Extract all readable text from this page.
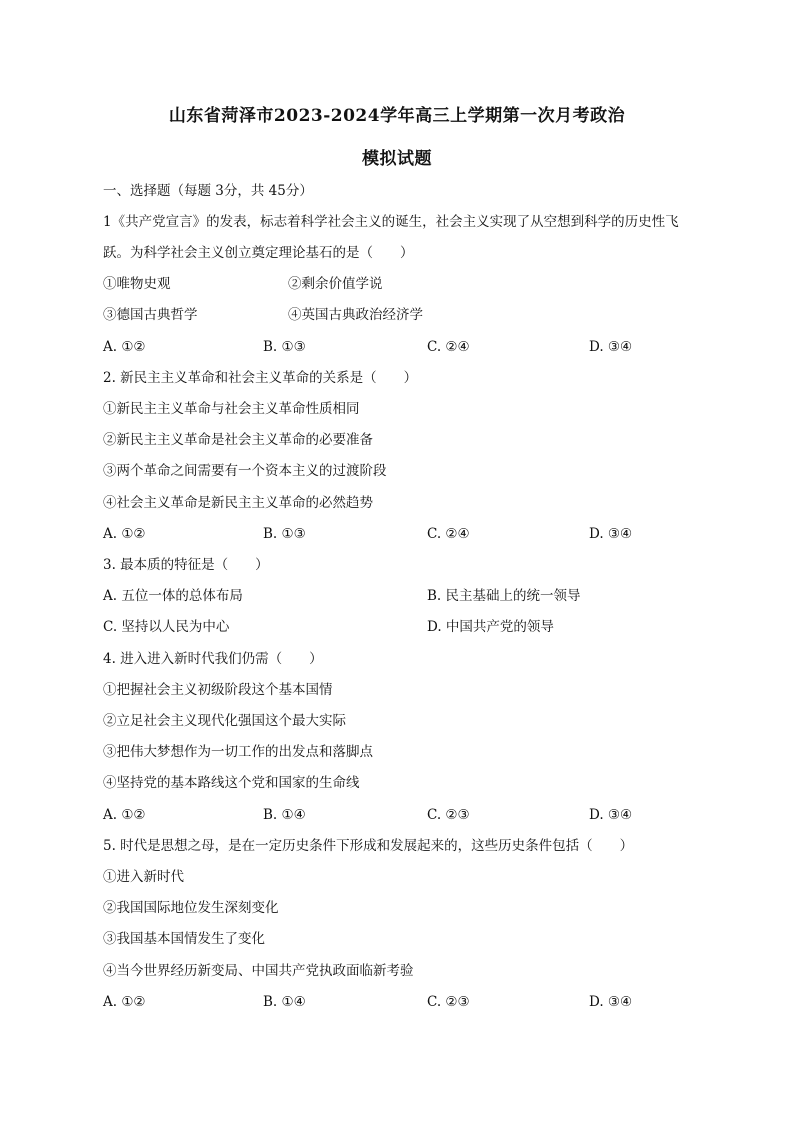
山东省菏泽市2023-2024学年高三上学期第一次月考政治
模拟试题
一、选择题（每题 3分，共 45分）
1《共产党宣言》的发表，标志着科学社会主义的诞生，社会主义实现了从空想到科学的历史性飞
跃。为科学社会主义创立奠定理论基石的是（　　）
①唯物史观	②剩余价值学说
③德国古典哲学	④英国古典政治经济学
A. ①②	B. ①③	C. ②④	D. ③④
2. 新民主主义革命和社会主义革命的关系是（　　）
①新民主主义革命与社会主义革命性质相同
②新民主主义革命是社会主义革命的必要准备
③两个革命之间需要有一个资本主义的过渡阶段
④社会主义革命是新民主主义革命的必然趋势
A. ①②	B. ①③	C. ②④	D. ③④
3. 最本质的特征是（　　）
A. 五位一体的总体布局	B. 民主基础上的统一领导
C. 坚持以人民为中心	D. 中国共产党的领导
4. 进入进入新时代我们仍需（　　）
①把握社会主义初级阶段这个基本国情
②立足社会主义现代化强国这个最大实际
③把伟大梦想作为一切工作的出发点和落脚点
④坚持党的基本路线这个党和国家的生命线
A. ①②	B. ①④	C. ②③	D. ③④
5. 时代是思想之母，是在一定历史条件下形成和发展起来的，这些历史条件包括（　　）
①进入新时代
②我国国际地位发生深刻变化
③我国基本国情发生了变化
④当今世界经历新变局、中国共产党执政面临新考验
A. ①②	B. ①④	C. ②③	D. ③④
